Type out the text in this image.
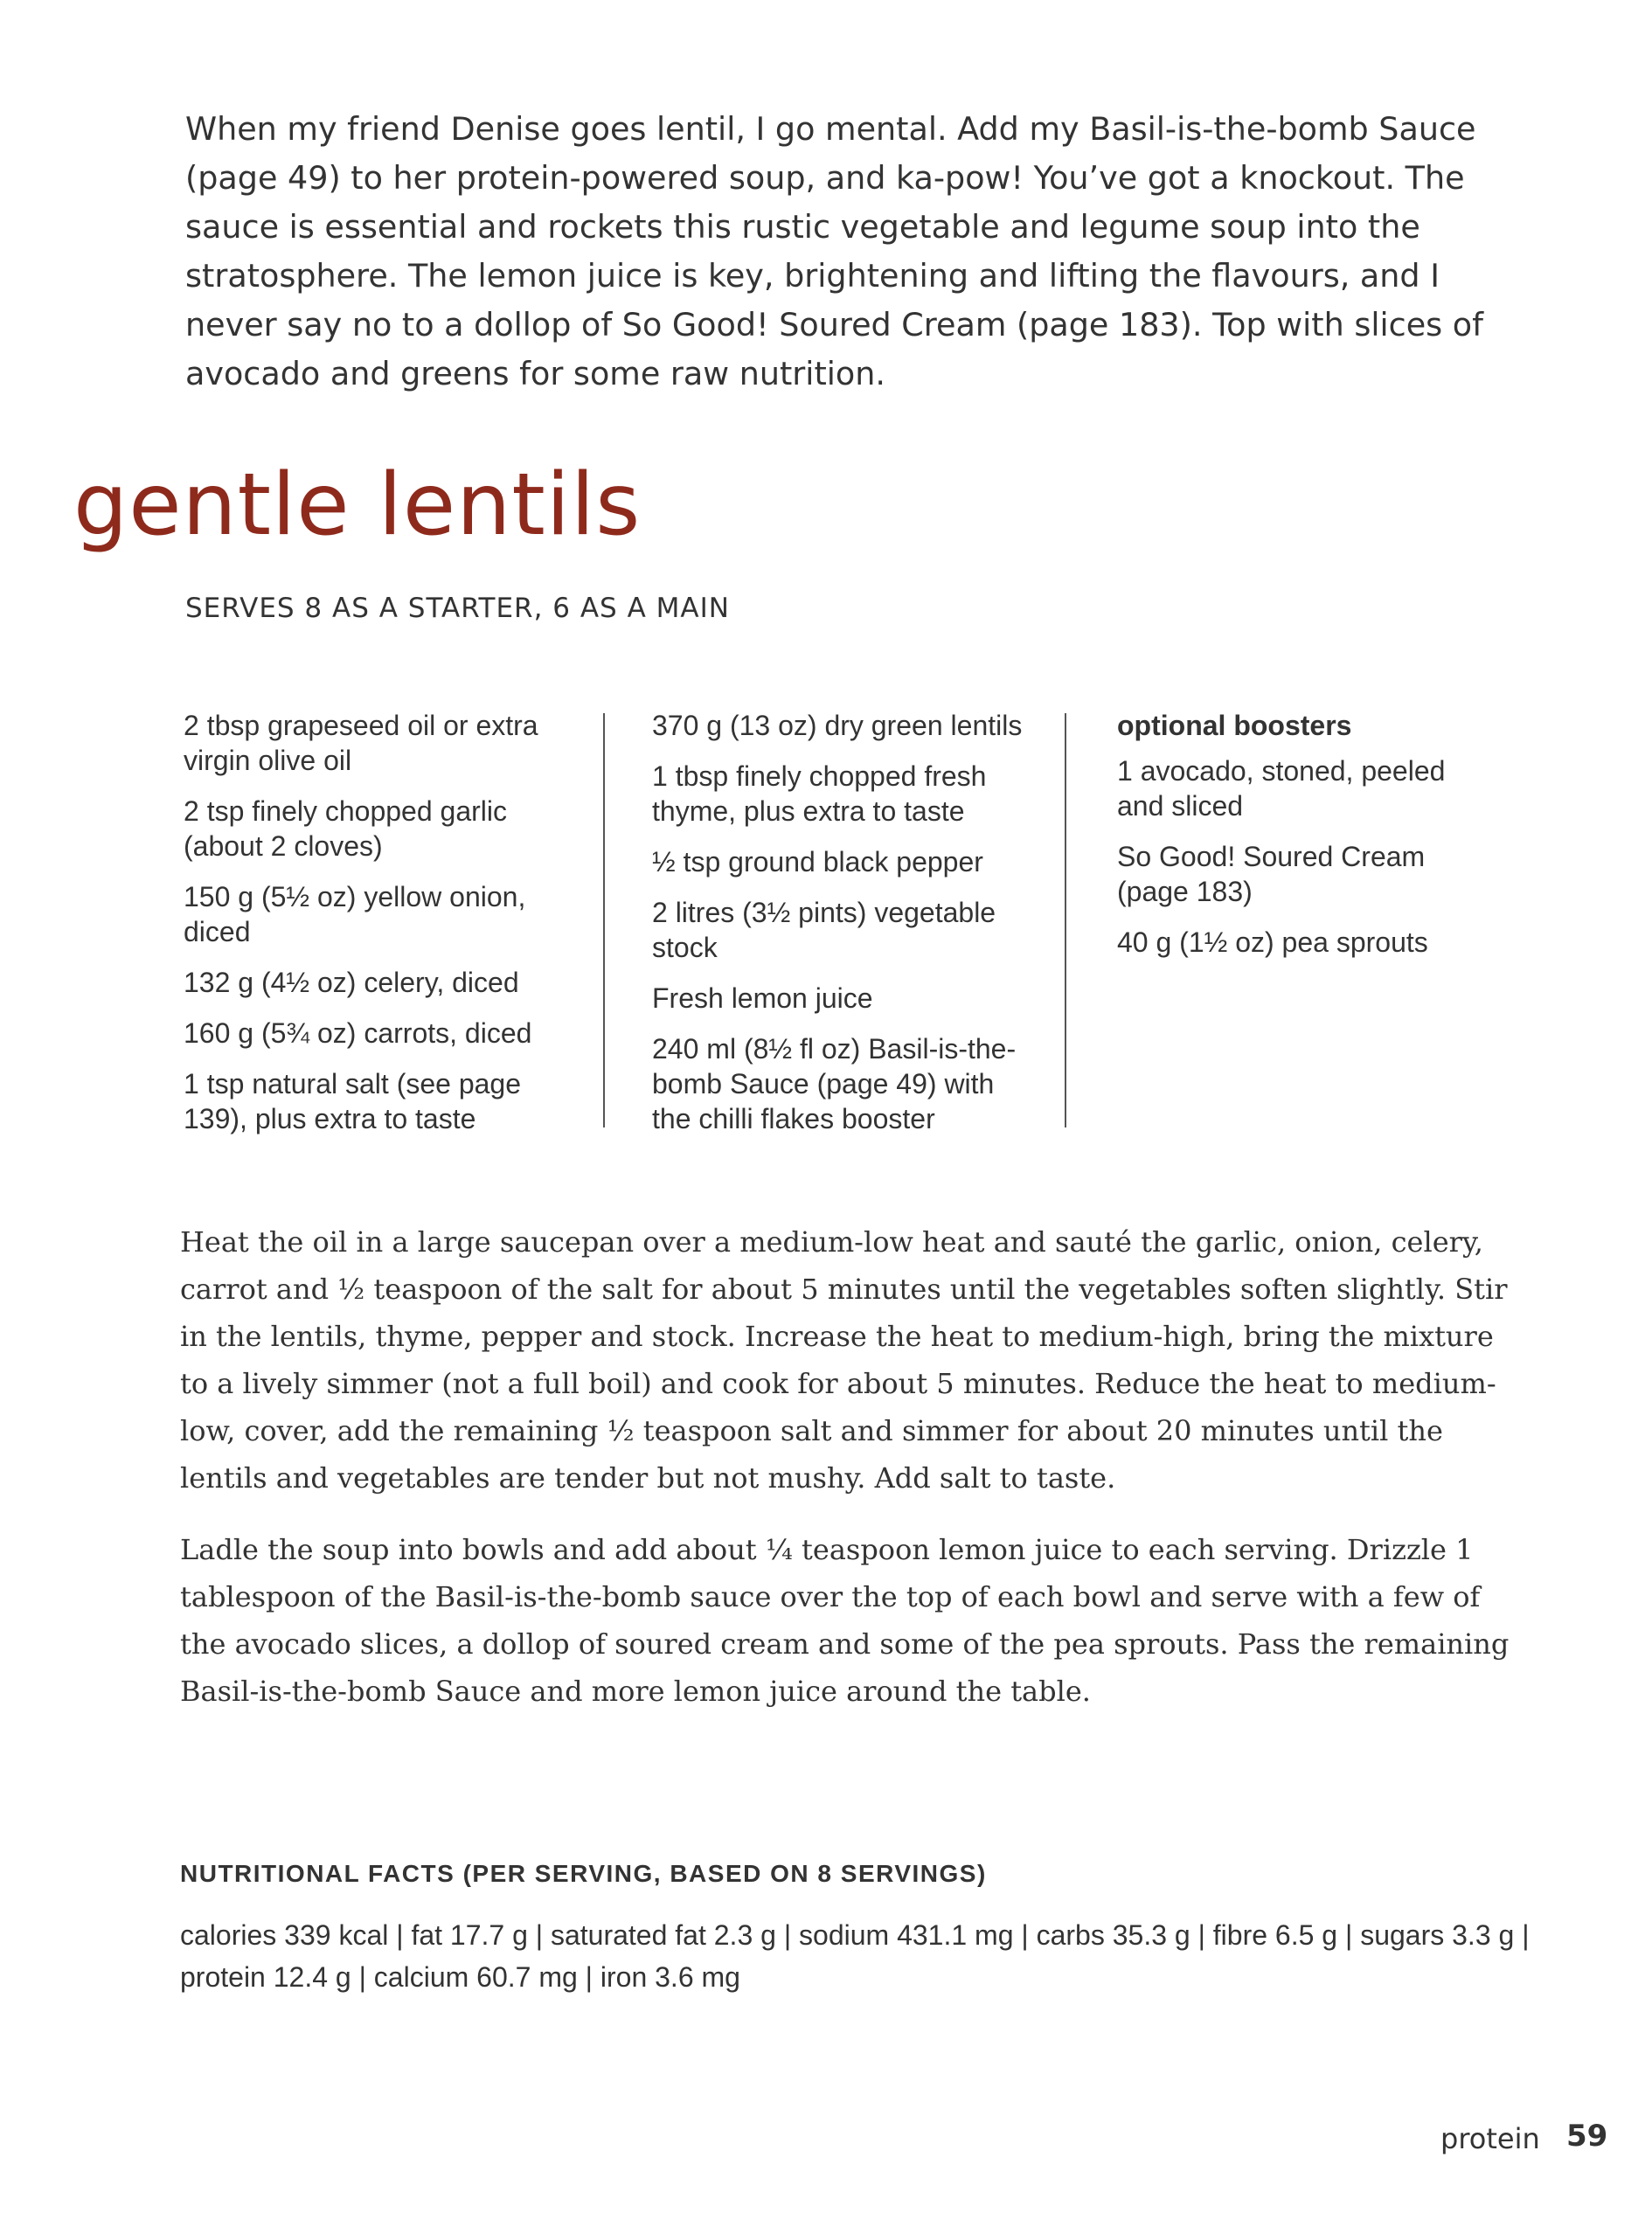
When my friend Denise goes lentil, I go mental. Add my Basil-is-the-bomb Sauce (page 49) to her protein-powered soup, and ka-pow! You’ve got a knockout. The sauce is essential and rockets this rustic vegetable and legume soup into the stratosphere. The lemon juice is key, brightening and lifting the flavours, and I never say no to a dollop of So Good! Soured Cream (page 183). Top with slices of avocado and greens for some raw nutrition.

gentle lentils
SERVES 8 AS A STARTER, 6 AS A MAIN

2 tbsp grapeseed oil or extra virgin olive oil

2 tsp finely chopped garlic (about 2 cloves)

150 g (5½ oz) yellow onion, diced

132 g (4½ oz) celery, diced

160 g (5¾ oz) carrots, diced

1 tsp natural salt (see page 139), plus extra to taste

370 g (13 oz) dry green lentils

1 tbsp finely chopped fresh thyme, plus extra to taste

½ tsp ground black pepper

2 litres (3½ pints) vegetable stock

Fresh lemon juice

240 ml (8½ fl oz) Basil-is-the-bomb Sauce (page 49) with the chilli flakes booster

optional boosters

1 avocado, stoned, peeled and sliced

So Good! Soured Cream (page 183)

40 g (1½ oz) pea sprouts

Heat the oil in a large saucepan over a medium-low heat and sauté the garlic, onion, celery, carrot and ½ teaspoon of the salt for about 5 minutes until the vegetables soften slightly. Stir in the lentils, thyme, pepper and stock. Increase the heat to medium-high, bring the mixture to a lively simmer (not a full boil) and cook for about 5 minutes. Reduce the heat to medium-low, cover, add the remaining ½ teaspoon salt and simmer for about 20 minutes until the lentils and vegetables are tender but not mushy. Add salt to taste.

Ladle the soup into bowls and add about ¼ teaspoon lemon juice to each serving. Drizzle 1 tablespoon of the Basil-is-the-bomb sauce over the top of each bowl and serve with a few of the avocado slices, a dollop of soured cream and some of the pea sprouts. Pass the remaining Basil-is-the-bomb Sauce and more lemon juice around the table.

NUTRITIONAL FACTS (PER SERVING, BASED ON 8 SERVINGS)
calories 339 kcal | fat 17.7 g | saturated fat 2.3 g | sodium 431.1 mg | carbs 35.3 g | fibre 6.5 g | sugars 3.3 g | protein 12.4 g | calcium 60.7 mg | iron 3.6 mg
protein 59
